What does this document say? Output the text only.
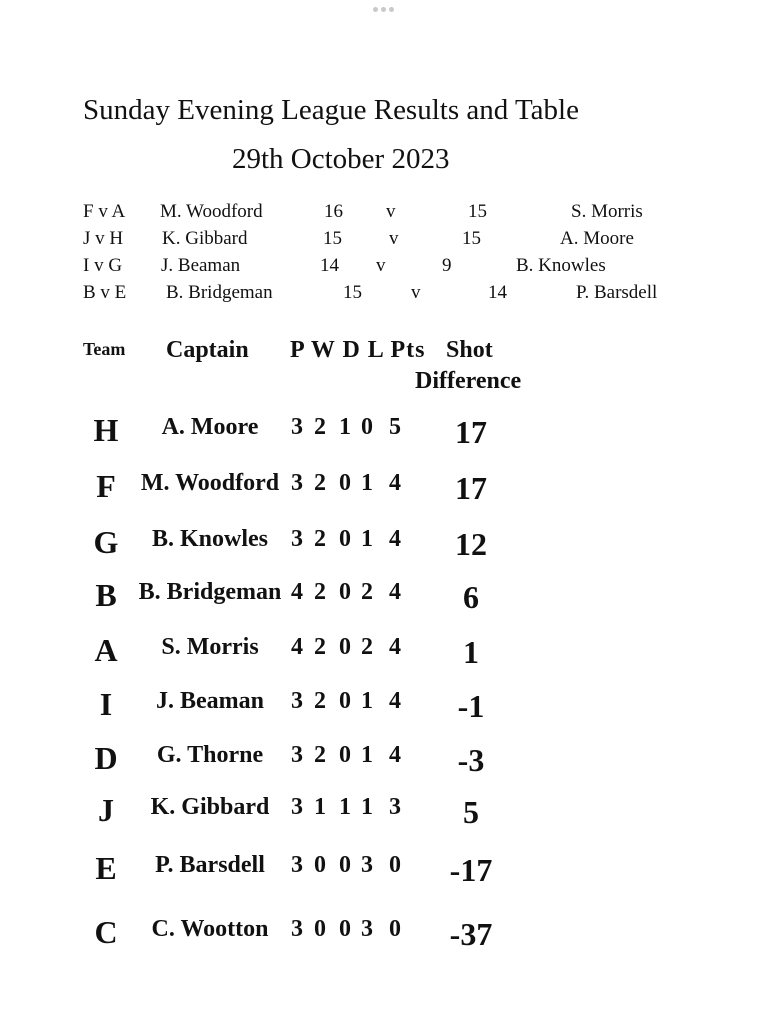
Sunday Evening League Results and Table
29th October 2023
F v A M. Woodford	16 v	15	S. Morris
J v H K. Gibbard	15 v	15	A. Moore
I v G J. Beaman	14 v	9	B. Knowles
B v E B. Bridgeman	15	v	14	P. Barsdell
Team Captain P W D L Pts Shot
Difference
H	A. Moore	3 2 1 0 5	17
F	M. Woodford 3 2 0 1 4	17
G	B. Knowles 3 2 0 1 4	12
B B. Bridgeman 4 2 0 2 4	6
A	S. Morris	4 2 0 2 4	1
I	J. Beaman	3 2 0 1 4	-1
D	G. Thorne	3 2 0 1 4	-3
J	K. Gibbard 3 1 1 1 3	5
E	P. Barsdell	3 0 0 3 0	-17
C	C. Wootton 3 0 0 3 0	-37
